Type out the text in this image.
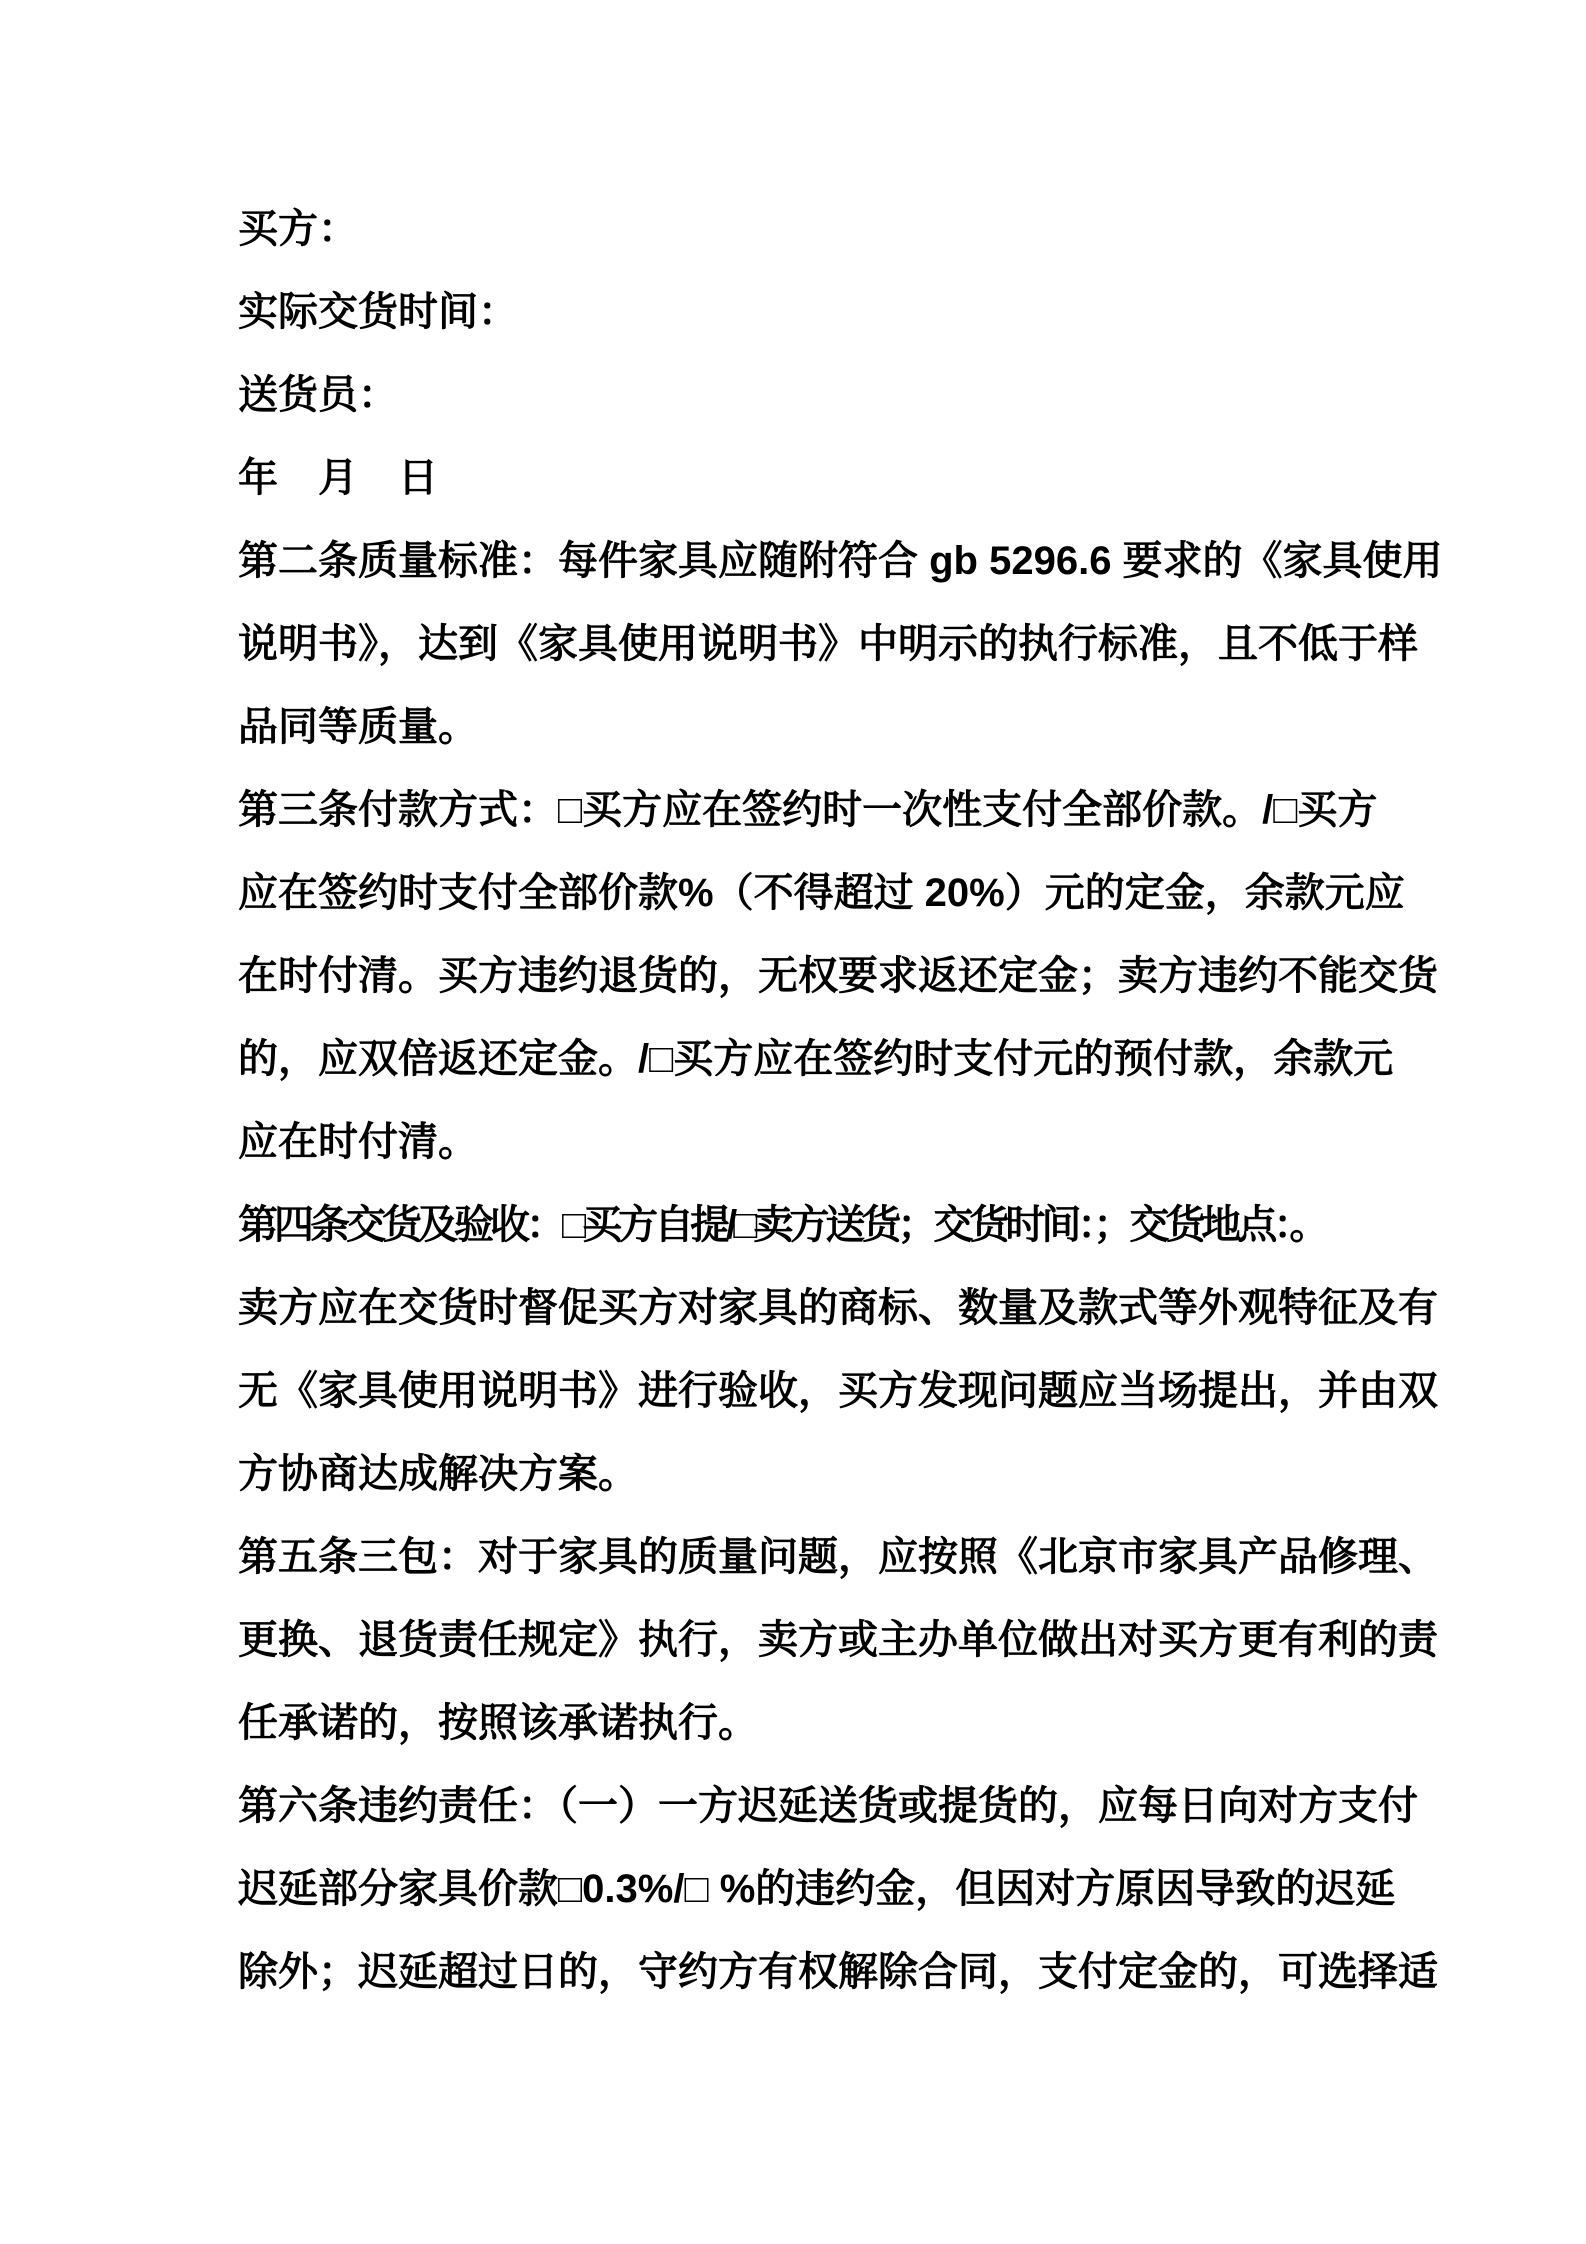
买方：
实际交货时间：
送货员：
年　月　日
第二条质量标准：每件家具应随附符合 gb 5296.6 要求的《家具使用
说明书》，达到《家具使用说明书》中明示的执行标准，且不低于样
品同等质量。
第三条付款方式：□买方应在签约时一次性支付全部价款。/□买方
应在签约时支付全部价款%（不得超过 20%）元的定金，余款元应
在时付清。买方违约退货的，无权要求返还定金；卖方违约不能交货
的，应双倍返还定金。/□买方应在签约时支付元的预付款，余款元
应在时付清。
第四条交货及验收：□买方自提/□卖方送货；交货时间：；交货地点：。
卖方应在交货时督促买方对家具的商标、数量及款式等外观特征及有
无《家具使用说明书》进行验收，买方发现问题应当场提出，并由双
方协商达成解决方案。
第五条三包：对于家具的质量问题，应按照《北京市家具产品修理、
更换、退货责任规定》执行，卖方或主办单位做出对买方更有利的责
任承诺的，按照该承诺执行。
第六条违约责任：（一）一方迟延送货或提货的，应每日向对方支付
迟延部分家具价款□0.3%/□ %的违约金，但因对方原因导致的迟延
除外；迟延超过日的，守约方有权解除合同，支付定金的，可选择适
